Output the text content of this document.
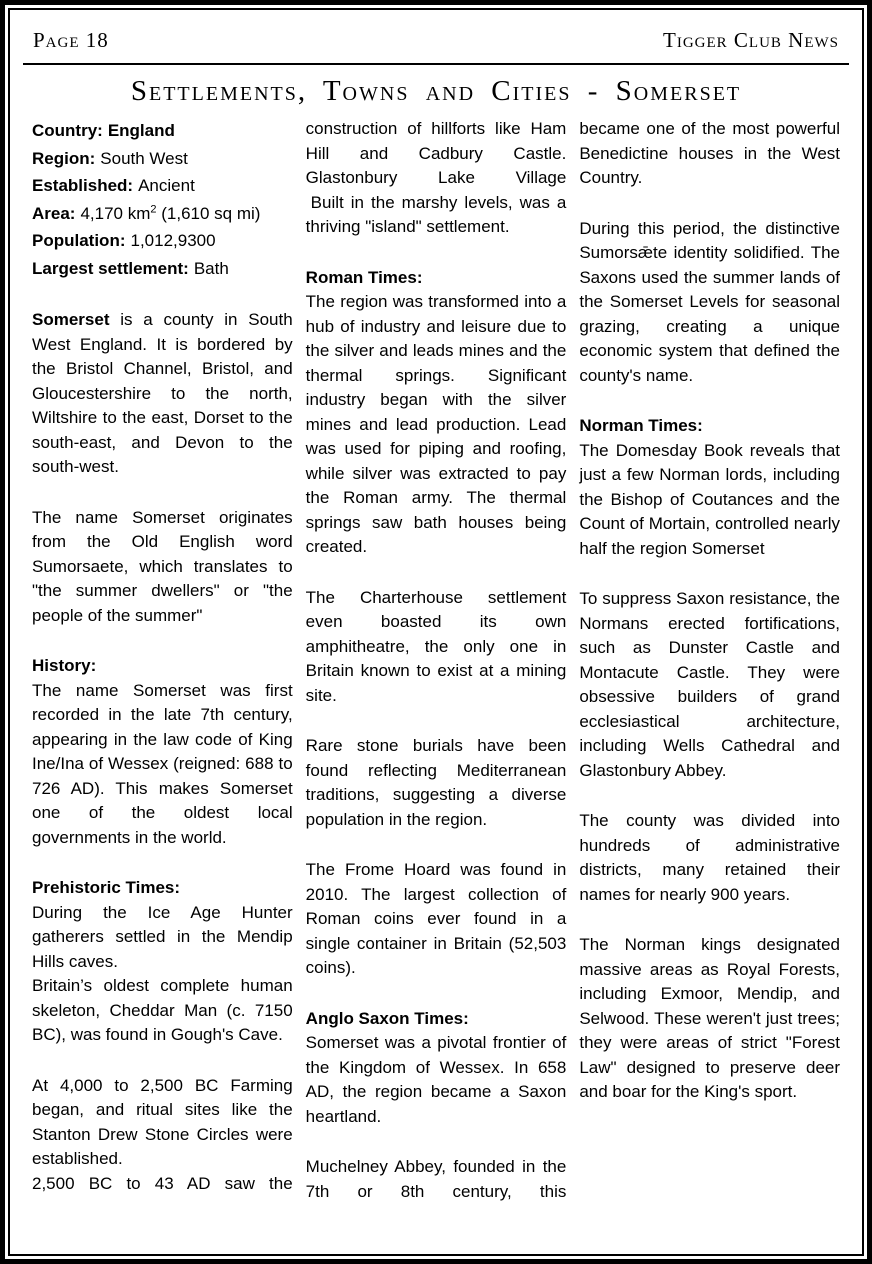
Page 18	Tigger Club News
Settlements, Towns and Cities - Somerset
Country: England
Region: South West
Established: Ancient
Area: 4,170 $km^2$ (1,610 sq mi)
Population: 1,012,9300
Largest settlement: Bath

Somerset is a county in South West England. It is bordered by the Bristol Channel, Bristol, and Gloucestershire to the north, Wiltshire to the east, Dorset to the south-east, and Devon to the south-west.

The name Somerset originates from the Old English word Sumorsaete, which translates to "the summer dwellers" or "the people of the summer"

History:

The name Somerset was first recorded in the late 7th century, appearing in the law code of King Ine/Ina of Wessex (reigned: 688 to 726 AD). This makes Somerset one of the oldest local governments in the world.

Prehistoric Times:

During the Ice Age Hunter gatherers settled in the Mendip Hills caves.

Britain’s oldest complete human skeleton, Cheddar Man (c. 7150 BC), was found in Gough's Cave.

At 4,000 to 2,500 BC Farming began, and ritual sites like the Stanton Drew Stone Circles were established.

2,500 BC to 43 AD saw the

construction of hillforts like Ham Hill and Cadbury Castle. Glastonbury Lake Village

Built in the marshy levels, was a thriving "island" settlement.

Roman Times:

The region was transformed into a hub of industry and leisure due to the silver and leads mines and the thermal springs. Significant industry began with the silver mines and lead production. Lead was used for piping and roofing, while silver was extracted to pay the Roman army. The thermal springs saw bath houses being created.

The Charterhouse settlement even boasted its own amphitheatre, the only one in Britain known to exist at a mining site.

Rare stone burials have been found reflecting Mediterranean traditions, suggesting a diverse population in the region.

The Frome Hoard was found in 2010. The largest collection of Roman coins ever found in a single container in Britain (52,503 coins).

Anglo Saxon Times:

Somerset was a pivotal frontier of the Kingdom of Wessex. In 658 AD, the region became a Saxon heartland.

Muchelney Abbey, founded in the 7th or 8th century, this

became one of the most powerful Benedictine houses in the West Country.

During this period, the distinctive Sumorsǣte identity solidified. The Saxons used the summer lands of the Somerset Levels for seasonal grazing, creating a unique economic system that defined the county's name.

Norman Times:

The Domesday Book reveals that just a few Norman lords, including the Bishop of Coutances and the Count of Mortain, controlled nearly half the region Somerset

To suppress Saxon resistance, the Normans erected fortifications, such as Dunster Castle and Montacute Castle. They were obsessive builders of grand ecclesiastical architecture, including Wells Cathedral and Glastonbury Abbey.

The county was divided into hundreds of administrative districts, many retained their names for nearly 900 years.

The Norman kings designated massive areas as Royal Forests, including Exmoor, Mendip, and Selwood. These weren't just trees; they were areas of strict "Forest Law" designed to preserve deer and boar for the King's sport.
